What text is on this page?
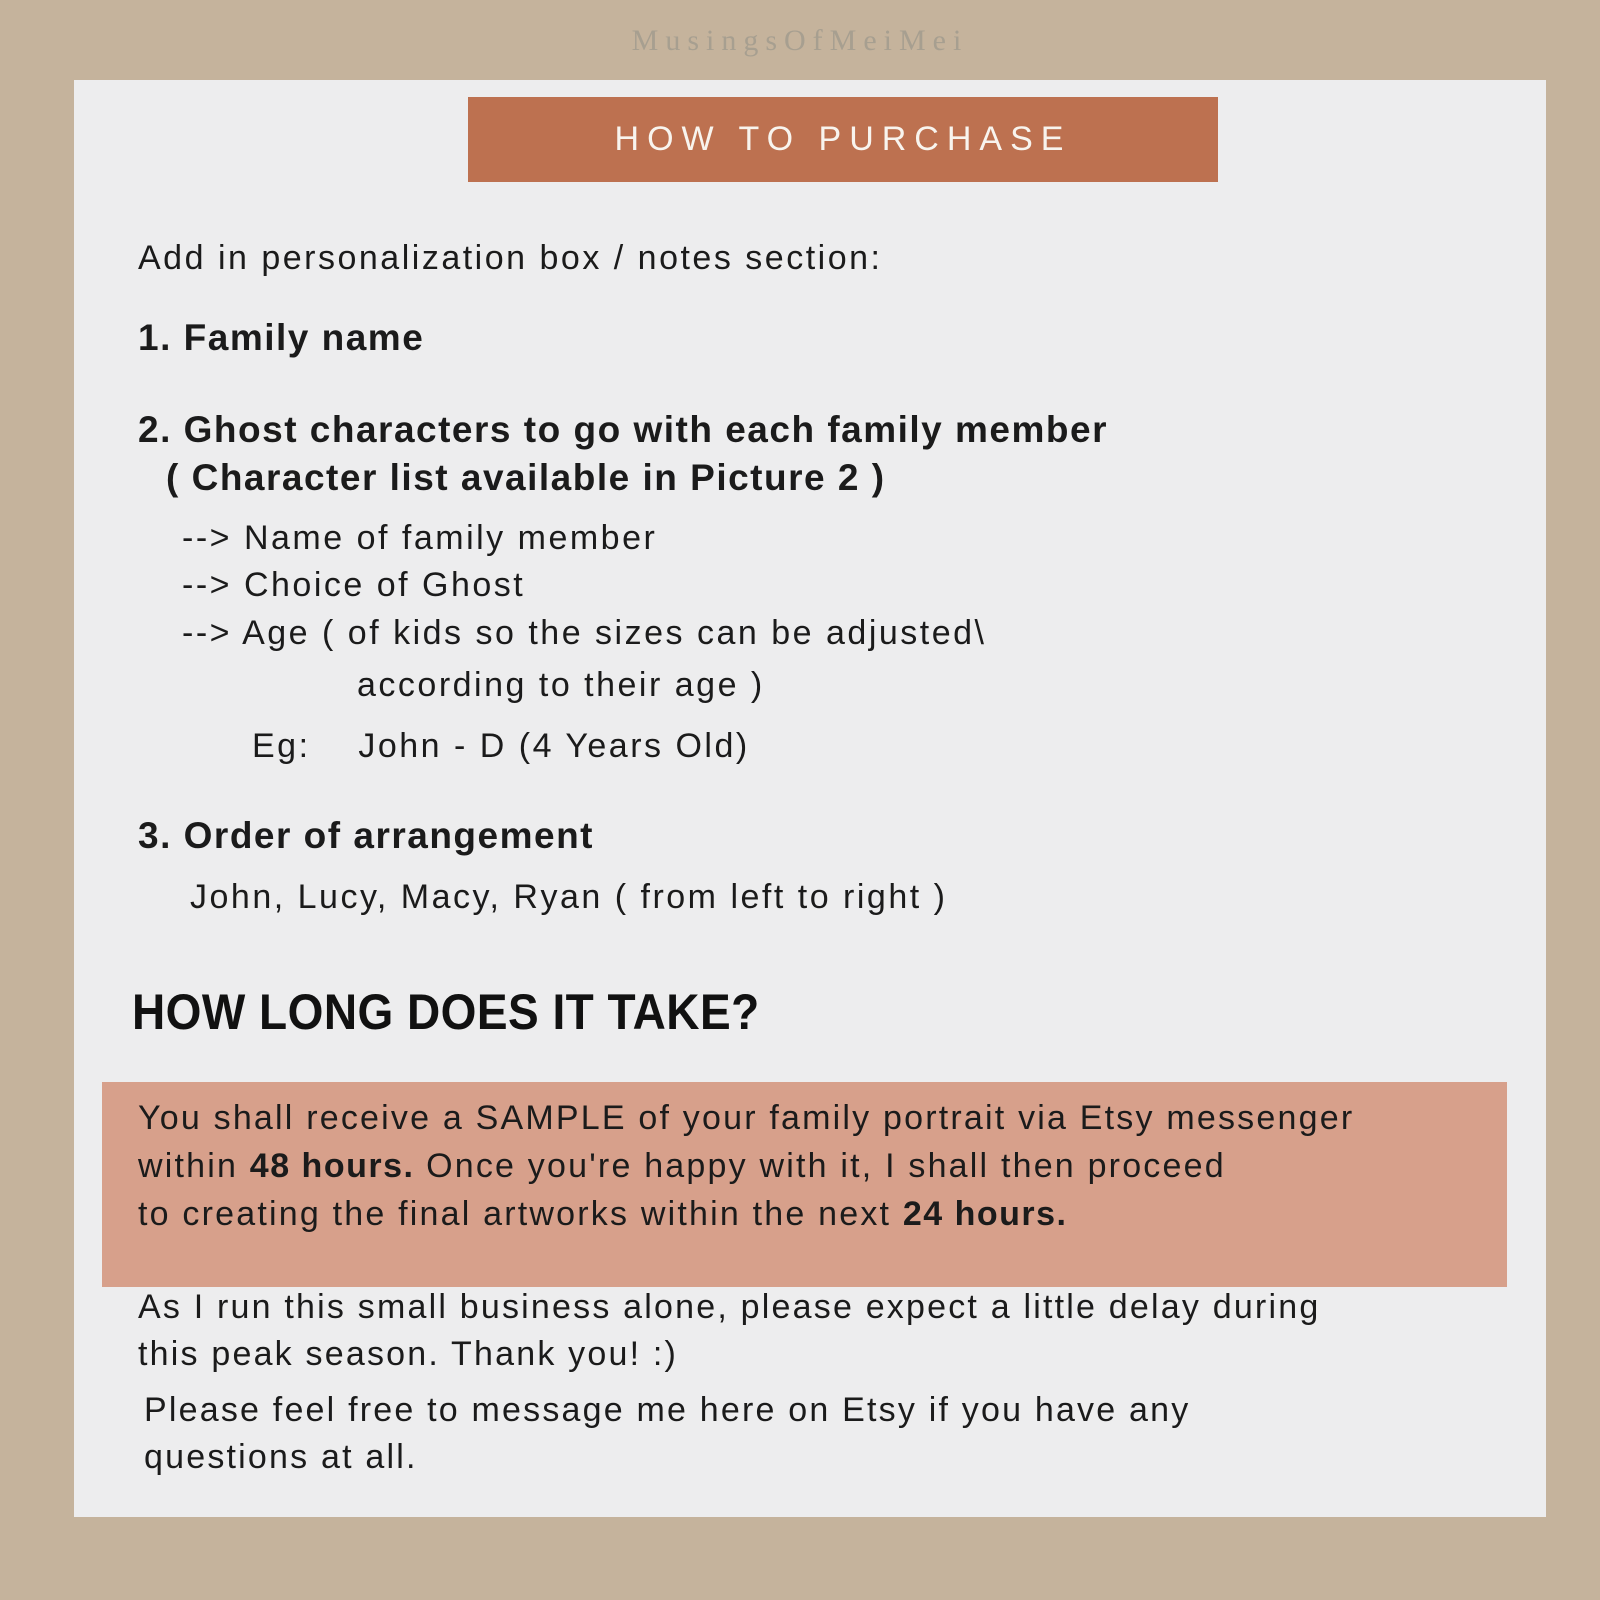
MusingsOfMeiMei
HOW TO PURCHASE
Add in personalization box / notes section:
1. Family name
2. Ghost characters to go with each family member
( Character list available in Picture 2 )
--> Name of family member
--> Choice of Ghost
--> Age ( of kids so the sizes can be adjusted\
according to their age )
Eg:    John - D (4 Years Old)
3. Order of arrangement
John, Lucy, Macy, Ryan ( from left to right )
HOW LONG DOES IT TAKE?

You shall receive a SAMPLE of your family portrait via Etsy messenger

within 48 hours. Once you're happy with it, I shall then proceed

to creating the final artworks within the next 24 hours.

As I run this small business alone, please expect a little delay during
this peak season. Thank you! :)
Please feel free to message me here on Etsy if you have any
questions at all.
